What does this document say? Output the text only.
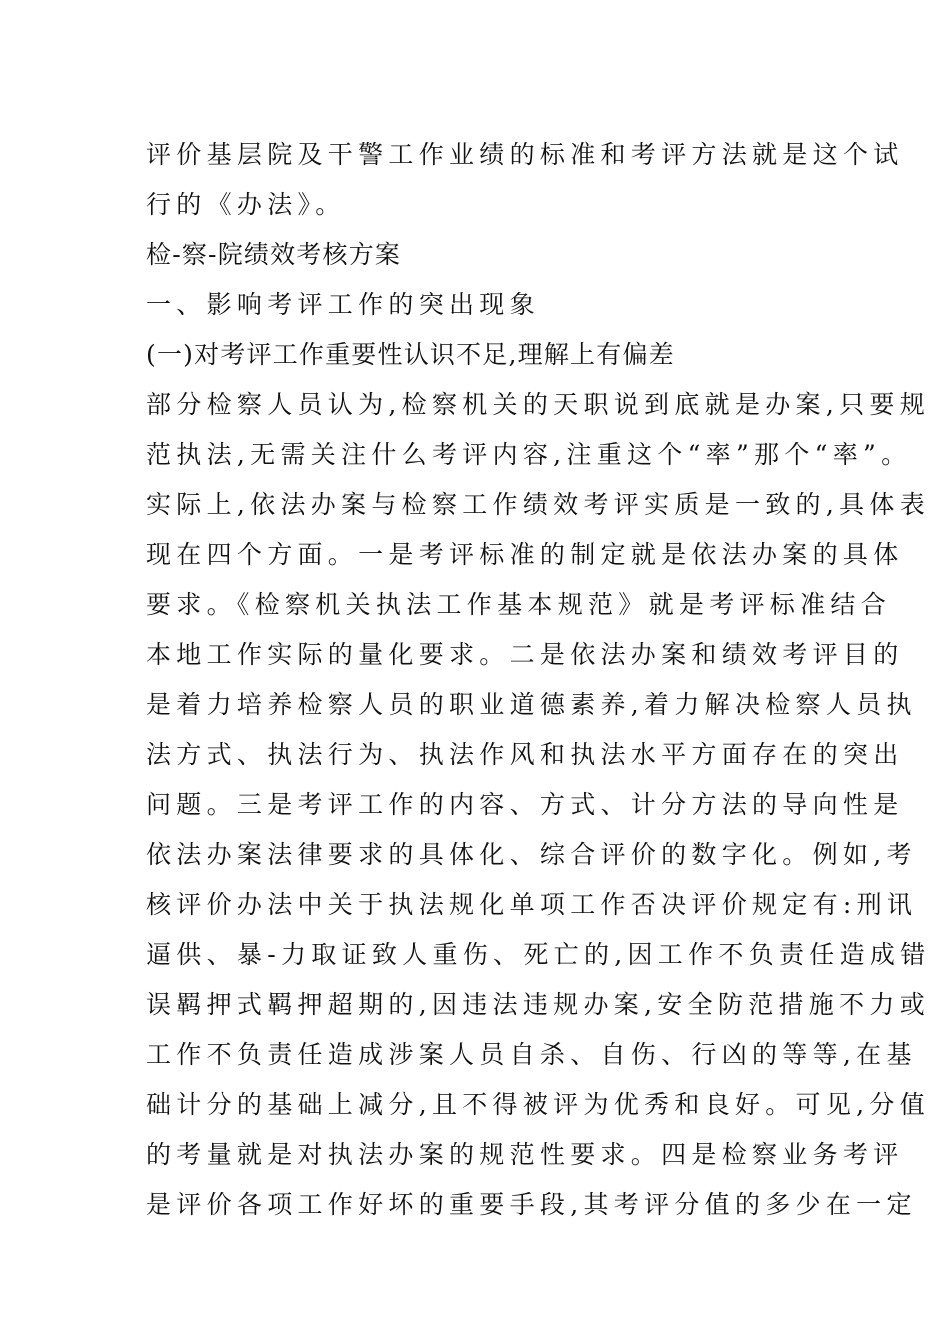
评价基层院及干警工作业绩的标准和考评方法就是这个试

行的《办法》。

检-察-院绩效考核方案

一、影响考评工作的突出现象

(一)对考评工作重要性认识不足,理解上有偏差

部分检察人员认为,检察机关的天职说到底就是办案,只要规

范执法,无需关注什么考评内容,注重这个“率”那个“率”。

实际上,依法办案与检察工作绩效考评实质是一致的,具体表

现在四个方面。一是考评标准的制定就是依法办案的具体

要求。《检察机关执法工作基本规范》就是考评标准结合

本地工作实际的量化要求。二是依法办案和绩效考评目的

是着力培养检察人员的职业道德素养,着力解决检察人员执

法方式、执法行为、执法作风和执法水平方面存在的突出

问题。三是考评工作的内容、方式、计分方法的导向性是

依法办案法律要求的具体化、综合评价的数字化。例如,考

核评价办法中关于执法规化单项工作否决评价规定有:刑讯

逼供、暴-力取证致人重伤、死亡的,因工作不负责任造成错

误羁押式羁押超期的,因违法违规办案,安全防范措施不力或

工作不负责任造成涉案人员自杀、自伤、行凶的等等,在基

础计分的基础上减分,且不得被评为优秀和良好。可见,分值

的考量就是对执法办案的规范性要求。四是检察业务考评

是评价各项工作好坏的重要手段,其考评分值的多少在一定
